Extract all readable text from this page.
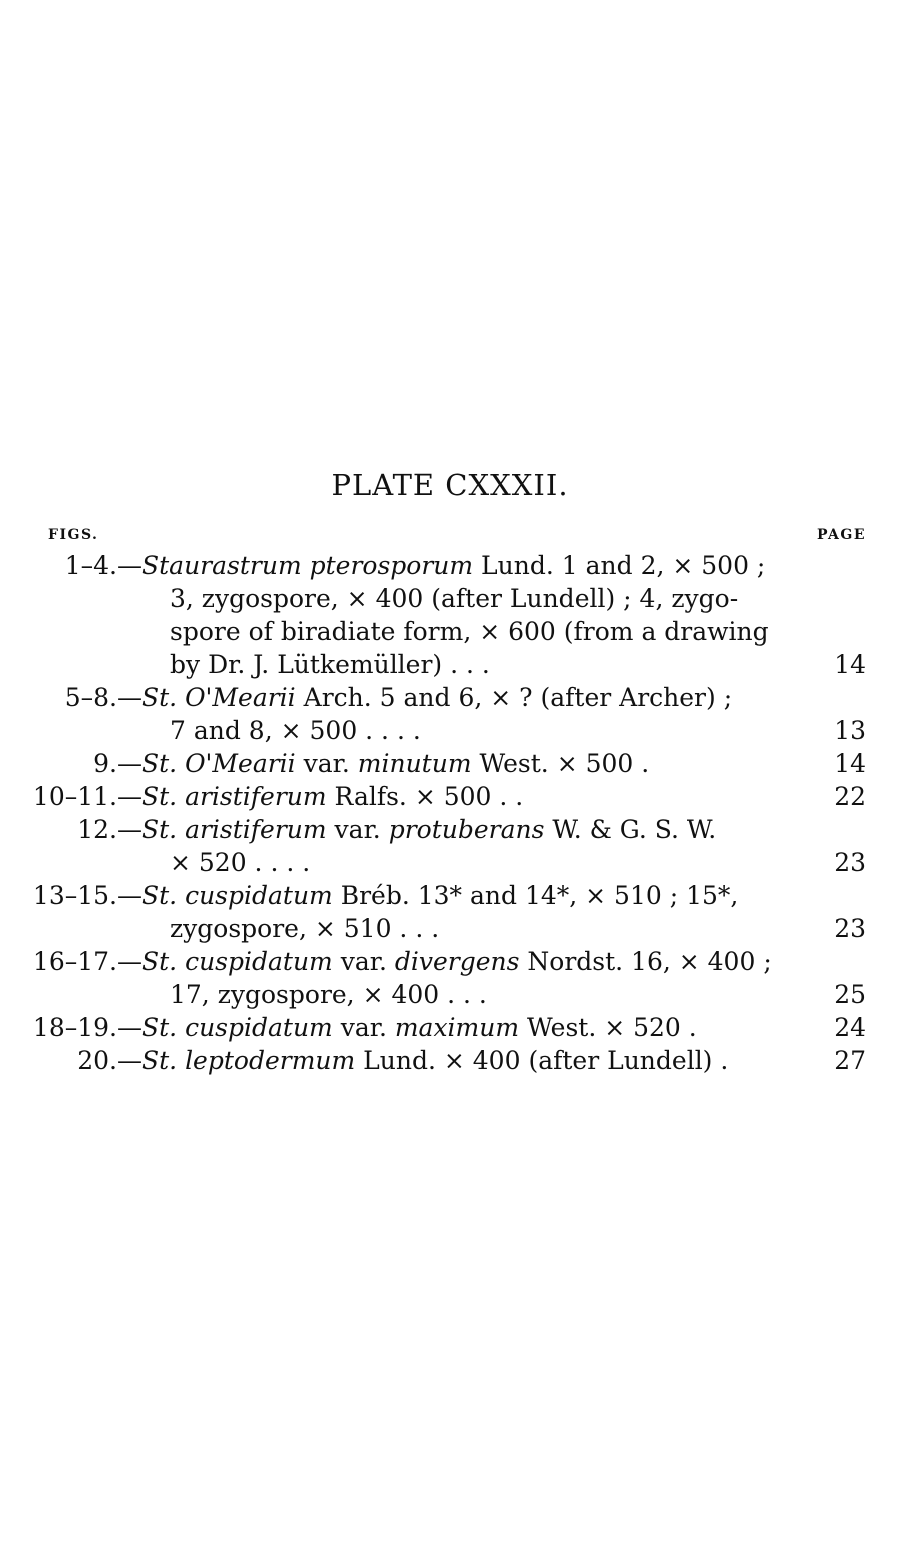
PLATE CXXXII.
FIGS.	PAGE
1–4.— Staurastrum pterosporum Lund. 1 and 2, × 500 ;
3, zygospore, × 400 (after Lundell) ; 4, zygo-
spore of biradiate form, × 600 (from a drawing
by Dr. J. Lütkemüller) . . .	14
5–8.— St. O'Mearii Arch. 5 and 6, × ? (after Archer) ;
7 and 8, × 500 . . . .	13
9.— St. O'Mearii var. minutum West. × 500 .	14
10–11.— St. aristiferum Ralfs. × 500 . .	22
12.— St. aristiferum var. protuberans W. & G. S. W.
× 520 . . . .	23
13–15.— St. cuspidatum Bréb. 13* and 14*, × 510 ; 15*,
zygospore, × 510 . . .	23
16–17.— St. cuspidatum var. divergens Nordst. 16, × 400 ;
17, zygospore, × 400 . . .	25
18–19.— St. cuspidatum var. maximum West. × 520 .	24
20.— St. leptodermum Lund. × 400 (after Lundell) .	27
